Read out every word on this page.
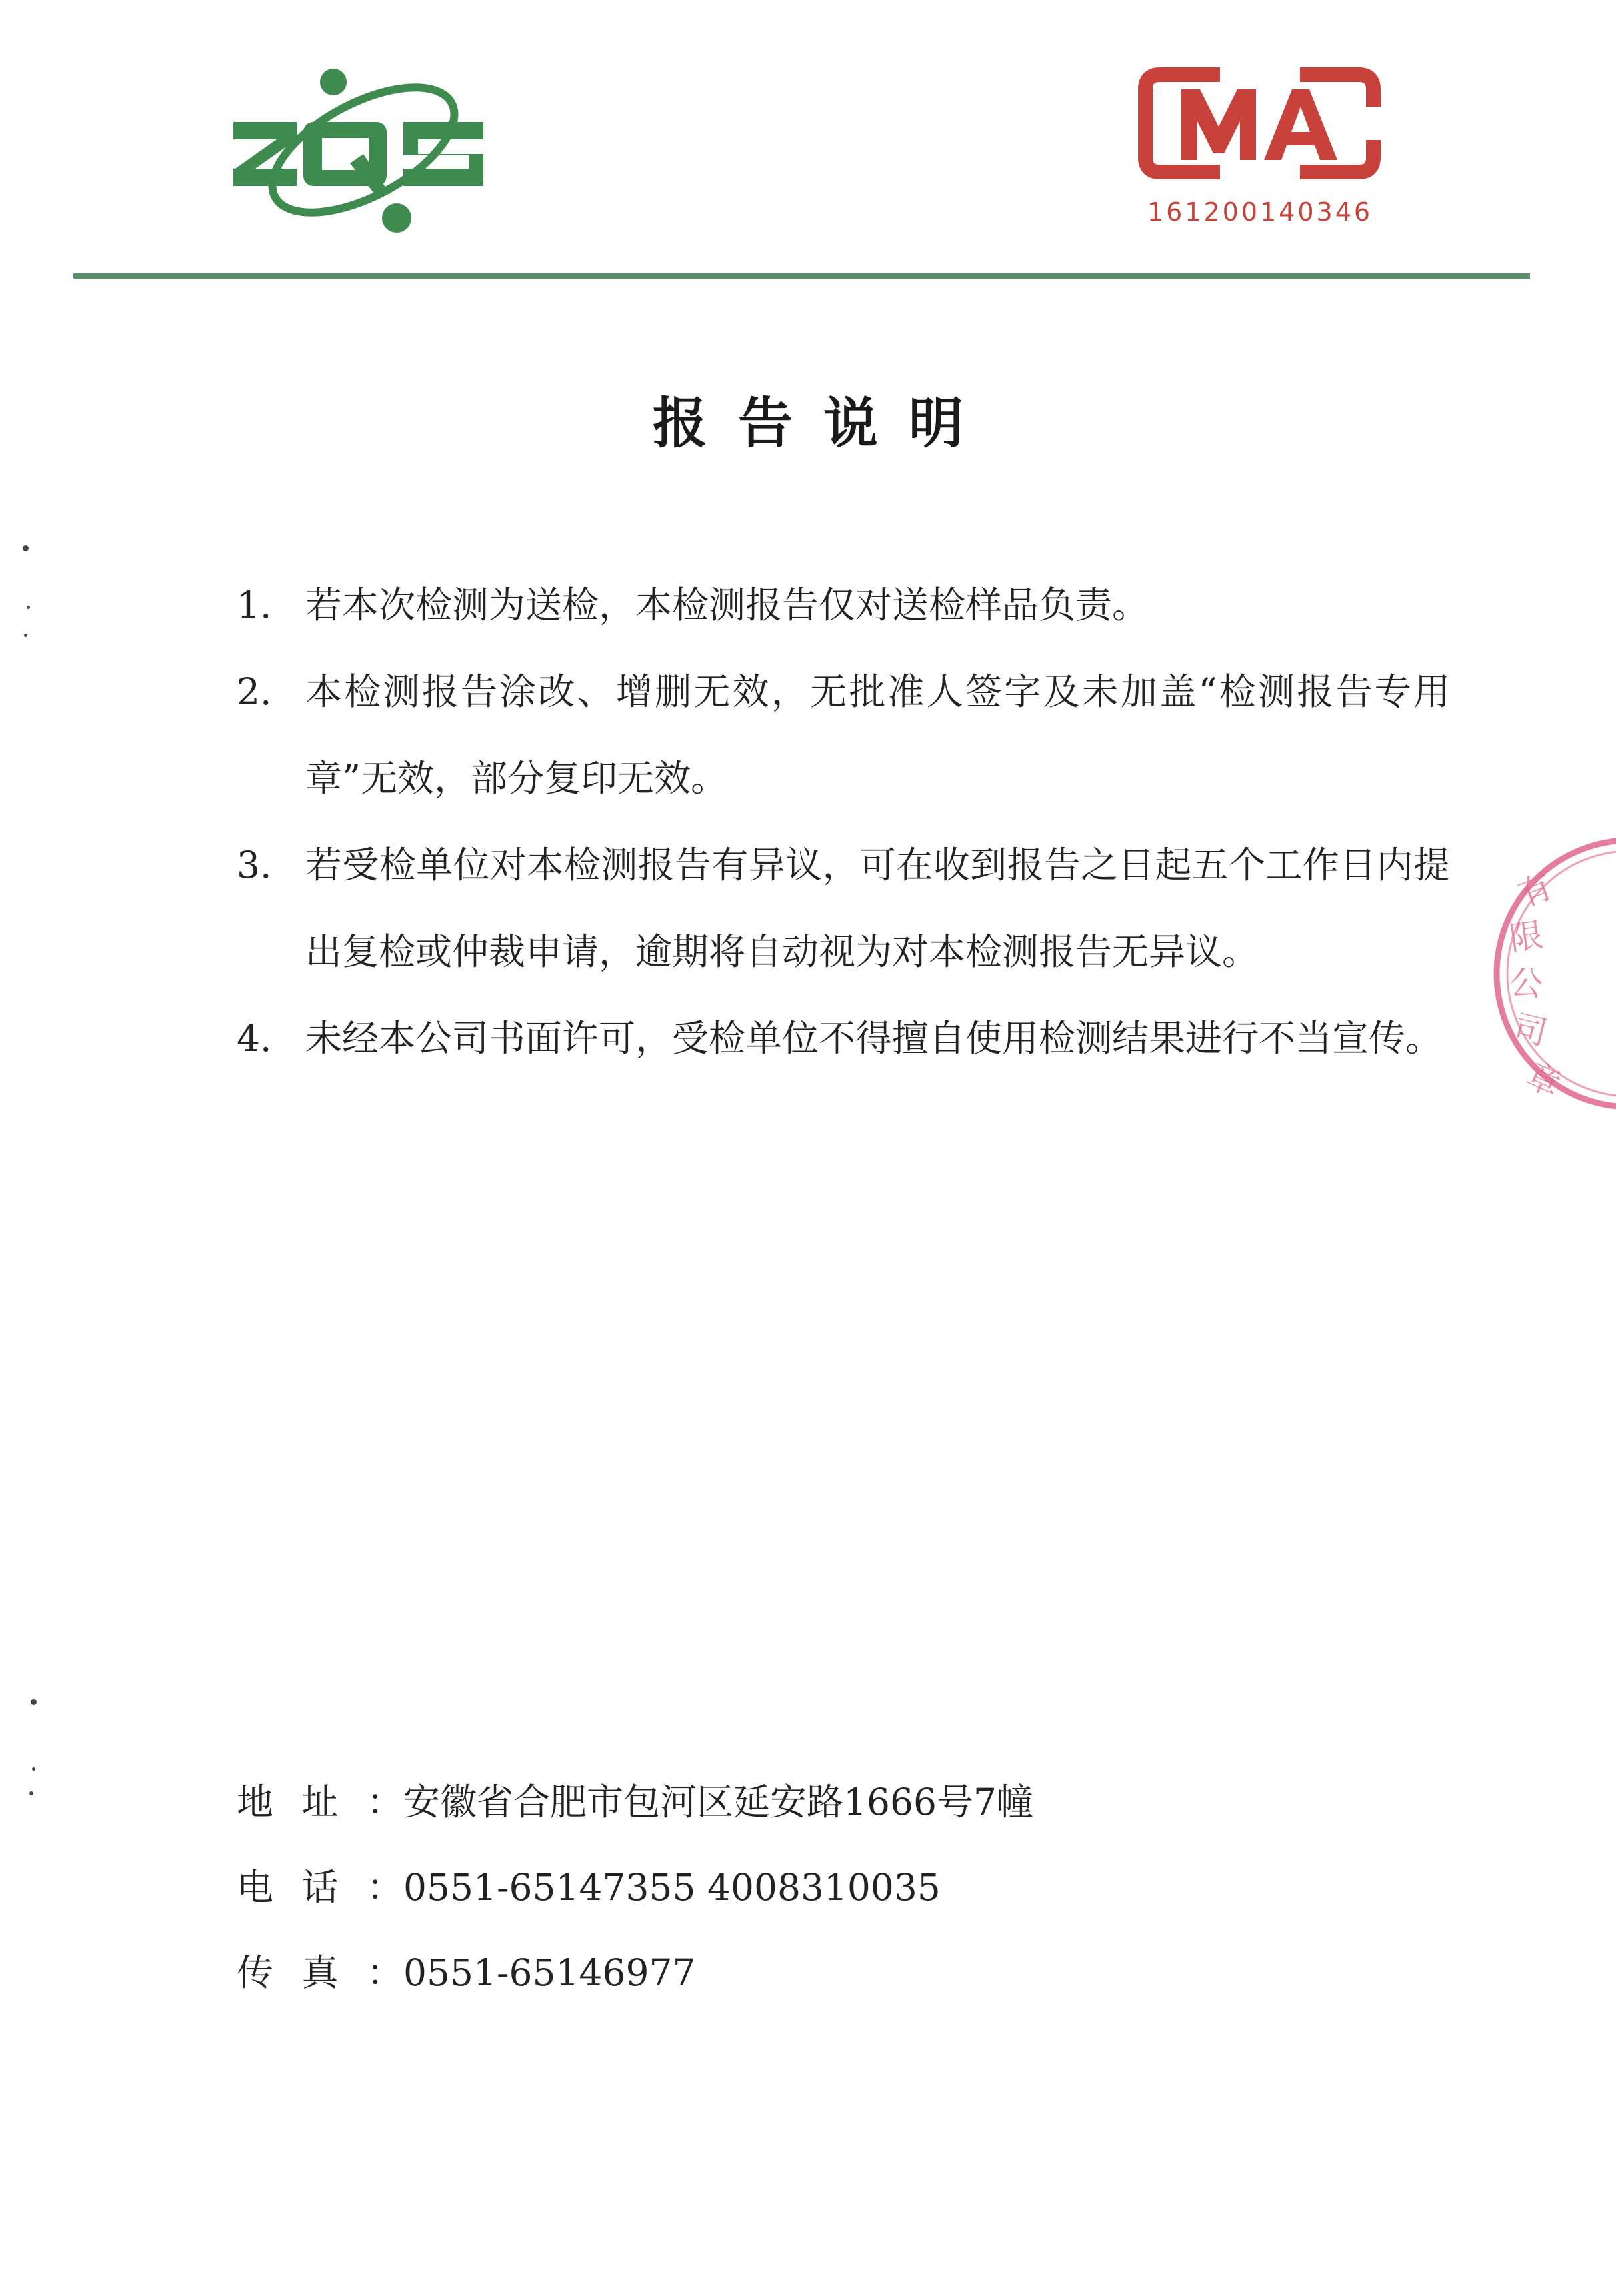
161200140346
报告说明
1. 若本次检测为送检，本检测报告仅对送检样品负责。
2. 本检测报告涂改、增删无效，无批准人签字及未加盖“检测报告专用章”无效，部分复印无效。
3. 若受检单位对本检测报告有异议，可在收到报告之日起五个工作日内提出复检或仲裁申请，逾期将自动视为对本检测报告无异议。
4. 未经本公司书面许可，受检单位不得擅自使用检测结果进行不当宣传。
地址：安徽省合肥市包河区延安路1666号7幢
电话：0551-65147355 4008310035
传真：0551-65146977
有
限
公
司
章
